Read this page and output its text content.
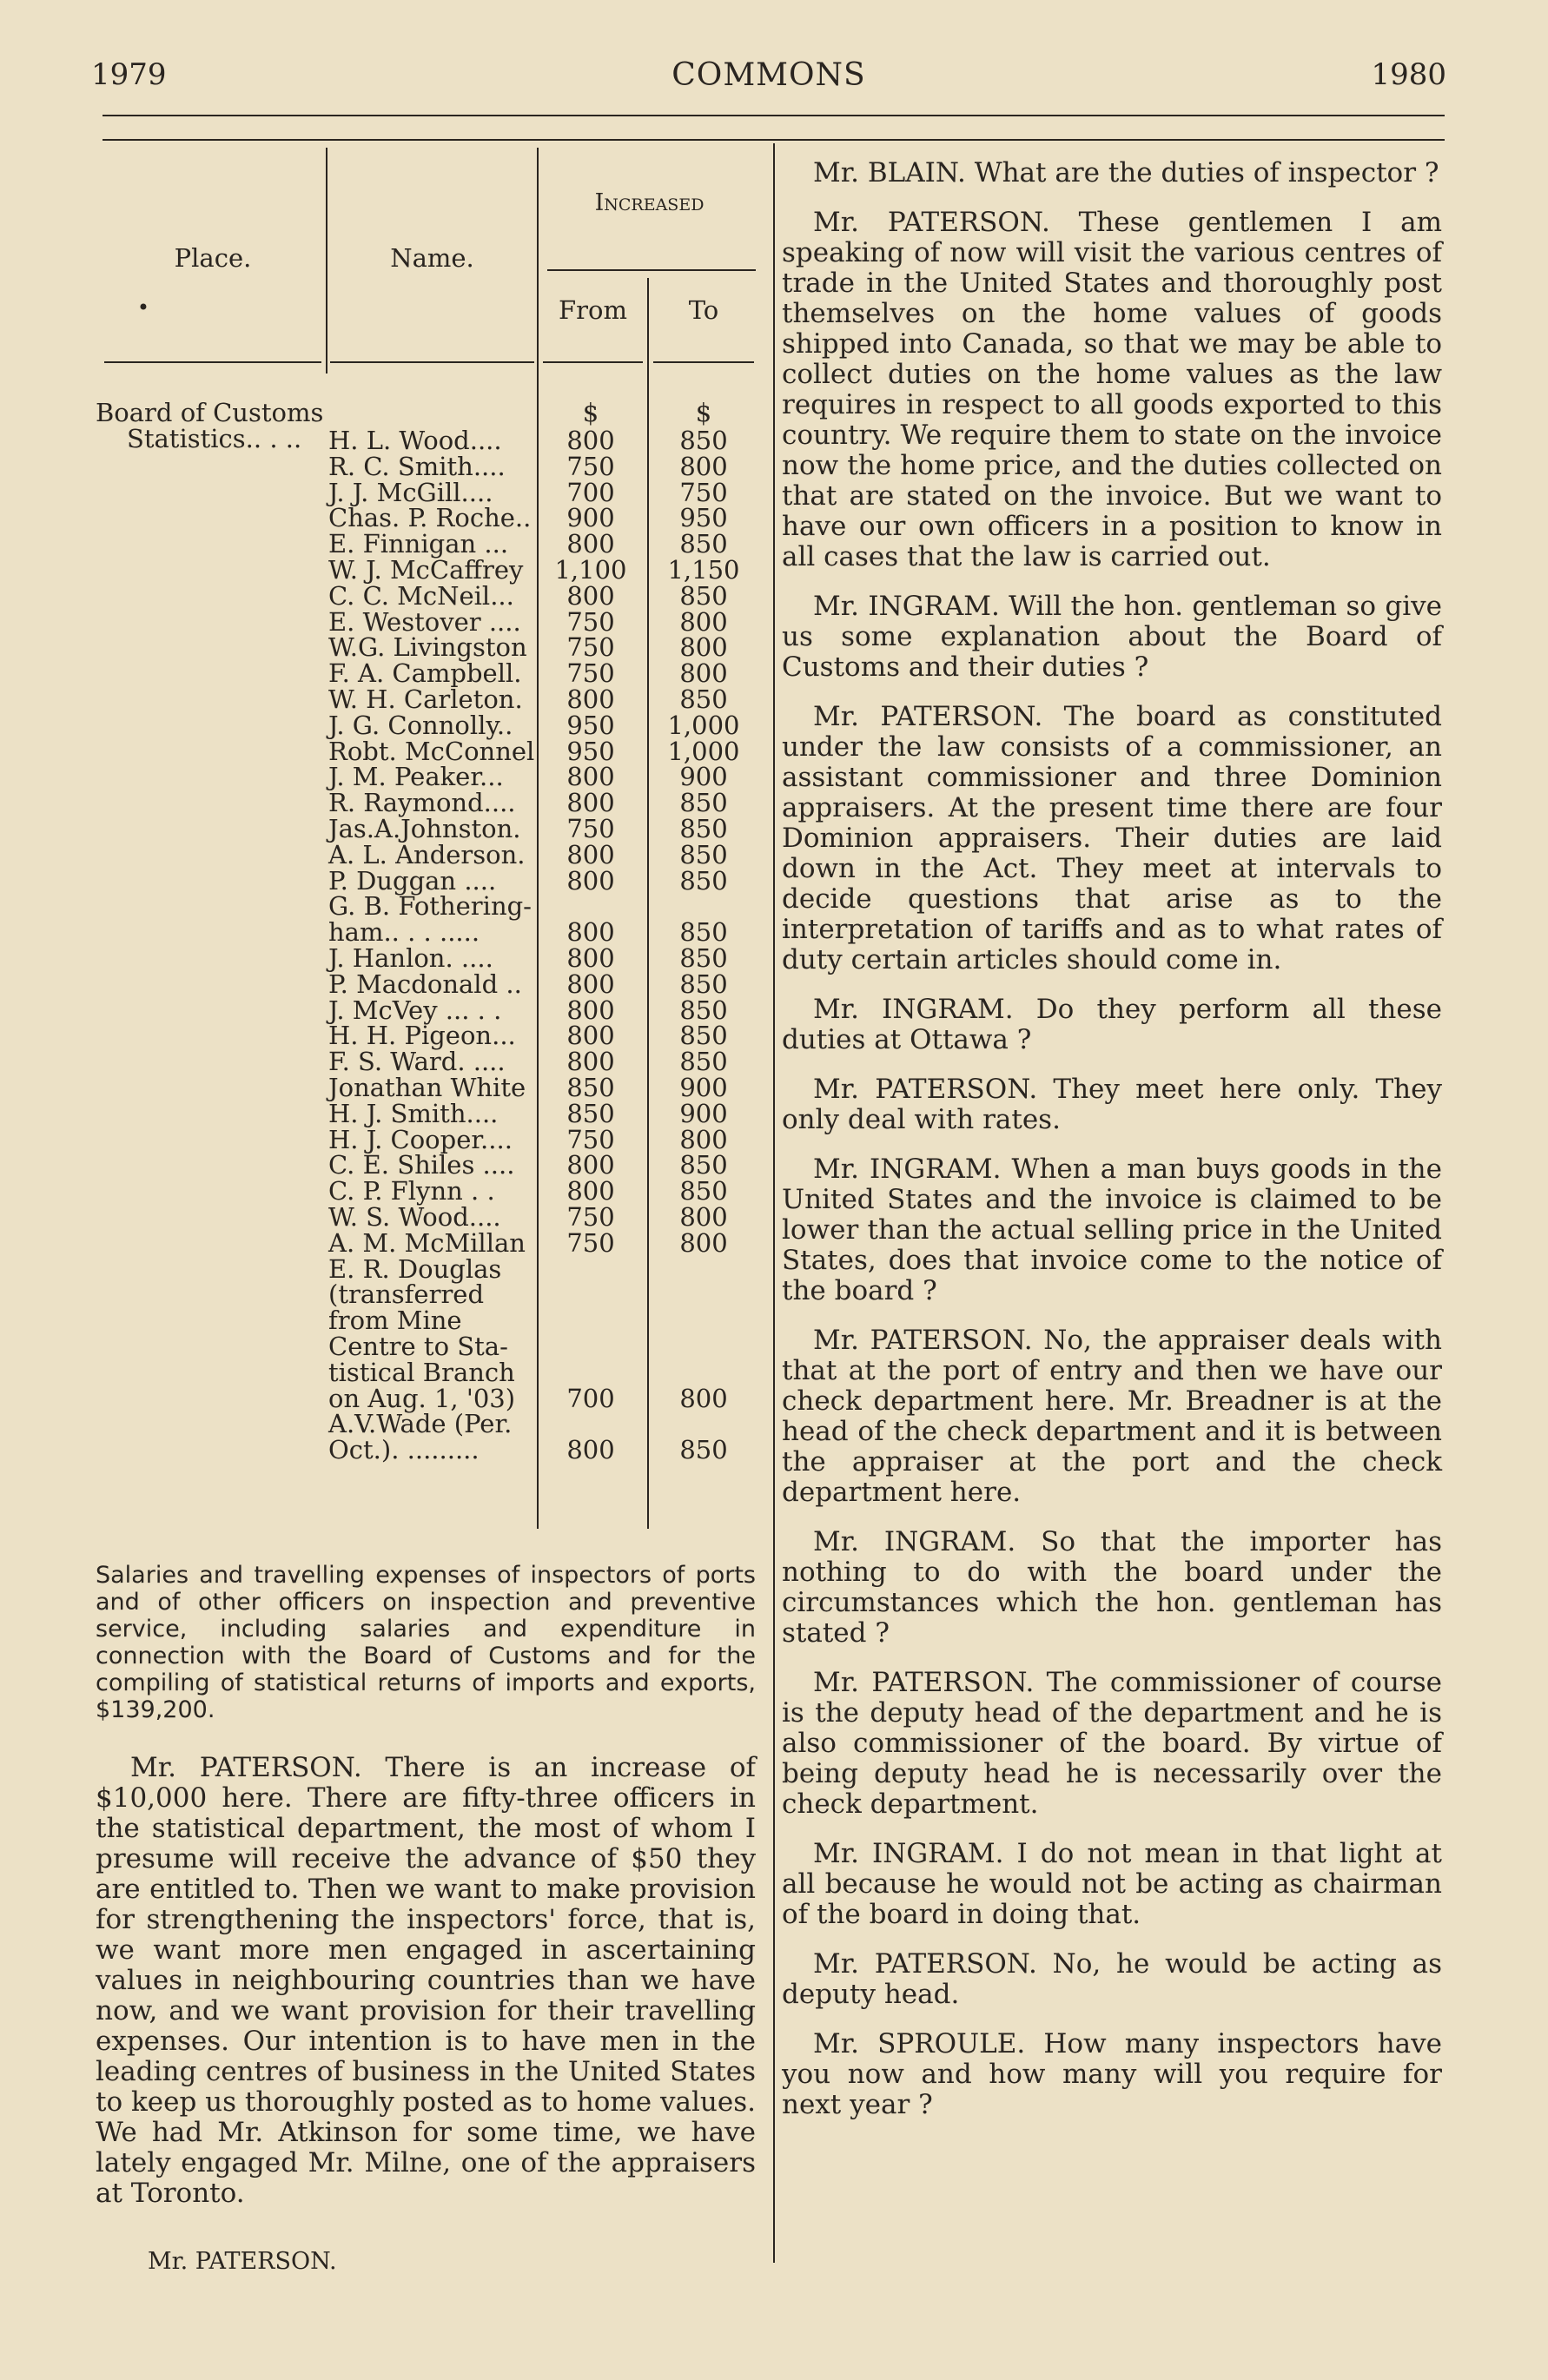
1979	COMMONS	1980
Place.
•
Name.
Increased
From	To
Board of Customs
Statistics.. . ..
$	$
H. L. Wood....	800	850
R. C. Smith....	750	800
J. J. McGill....	700	750
Chas. P. Roche..	900	950
E. Finnigan ...	800	850
W. J. McCaffrey	1,100	1,150
C. C. McNeil...	800	850
E. Westover ....	750	800
W.G. Livingston	750	800
F. A. Campbell.	750	800
W. H. Carleton.	800	850
J. G. Connolly..	950	1,000
Robt. McConnel	950	1,000
J. M. Peaker...	800	900
R. Raymond....	800	850
Jas.A.Johnston.	750	850
A. L. Anderson.	800	850
P. Duggan ....	800	850
G. B. Fothering-
ham.. . . .....	800	850
J. Hanlon. ....	800	850
P. Macdonald ..	800	850
J. McVey ... . .	800	850
H. H. Pigeon...	800	850
F. S. Ward. ....	800	850
Jonathan White	850	900
H. J. Smith....	850	900
H. J. Cooper....	750	800
C. E. Shiles ....	800	850
C. P. Flynn . .	800	850
W. S. Wood....	750	800
A. M. McMillan	750	800
E. R. Douglas
(transferred
from Mine
Centre to Sta-
tistical Branch
on Aug. 1, '03)	700	800
A.V.Wade (Per.
Oct.). .........	800	850
Salaries and travelling expenses of inspectors of ports and of other officers on inspection and preventive service, including salaries and expenditure in connection with the Board of Customs and for the compiling of statistical returns of imports and exports, $139,200.
Mr. PATERSON. There is an increase of $10,000 here. There are fifty-three officers in the statistical department, the most of whom I presume will receive the advance of $50 they are entitled to. Then we want to make provision for strengthening the inspectors' force, that is, we want more men engaged in ascertaining values in neighbouring countries than we have now, and we want provision for their travelling expenses. Our intention is to have men in the leading centres of business in the United States to keep us thoroughly posted as to home values. We had Mr. Atkinson for some time, we have lately engaged Mr. Milne, one of the appraisers at Toronto.
Mr. PATERSON.
Mr. BLAIN. What are the duties of inspector ?
Mr. PATERSON. These gentlemen I am speaking of now will visit the various centres of trade in the United States and thoroughly post themselves on the home values of goods shipped into Canada, so that we may be able to collect duties on the home values as the law requires in respect to all goods exported to this country. We require them to state on the invoice now the home price, and the duties collected on that are stated on the invoice. But we want to have our own officers in a position to know in all cases that the law is carried out.
Mr. INGRAM. Will the hon. gentleman so give us some explanation about the Board of Customs and their duties ?
Mr. PATERSON. The board as constituted under the law consists of a commissioner, an assistant commissioner and three Dominion appraisers. At the present time there are four Dominion appraisers. Their duties are laid down in the Act. They meet at intervals to decide questions that arise as to the interpretation of tariffs and as to what rates of duty certain articles should come in.
Mr. INGRAM. Do they perform all these duties at Ottawa ?
Mr. PATERSON. They meet here only. They only deal with rates.
Mr. INGRAM. When a man buys goods in the United States and the invoice is claimed to be lower than the actual selling price in the United States, does that invoice come to the notice of the board ?
Mr. PATERSON. No, the appraiser deals with that at the port of entry and then we have our check department here. Mr. Breadner is at the head of the check department and it is between the appraiser at the port and the check department here.
Mr. INGRAM. So that the importer has nothing to do with the board under the circumstances which the hon. gentleman has stated ?
Mr. PATERSON. The commissioner of course is the deputy head of the department and he is also commissioner of the board. By virtue of being deputy head he is necessarily over the check department.
Mr. INGRAM. I do not mean in that light at all because he would not be acting as chairman of the board in doing that.
Mr. PATERSON. No, he would be acting as deputy head.
Mr. SPROULE. How many inspectors have you now and how many will you require for next year ?
